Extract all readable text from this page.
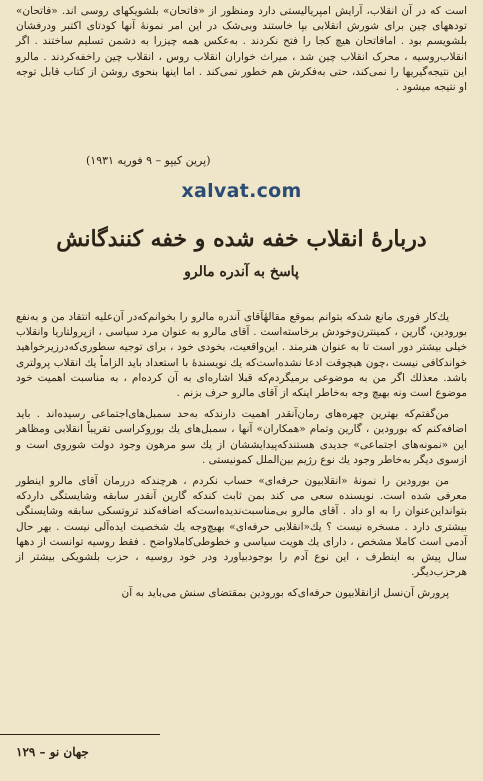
است که در آن انقلاب، آرایش امپریالیستی دارد ومنظور از «فاتحان» بلشویکهای روسی اند. «فاتحان» تودههای چین برای شورش انقلابی بپا خاستند وبی‌شک در این امر نمونهٔ آنها کودتای اکتبر ودرفشان بلشویسم بود . امافاتحان هیچ کجا را فتح نکردند . به‌عکس همه چیزرا به دشمن تسلیم ساختند . اگر انقلاب‌روسیه ، محرک انقلاب چین شد ، میراث خواران انقلاب روس ، انقلاب چین راخفه‌کردند . مالرو این نتیجه‌گیریها را نمی‌کند، حتی به‌فکرش هم خطور نمی‌کند . اما اینها بنحوی روشن از کتاب قابل توجه او نتیجه میشود .

(پرین کیپو – ۹ فوریه ۱۹۳۱)
xalvat.com
دربارهٔ انقلاب خفه شده و خفه کنندگانش
پاسخ به آندره مالرو

یك‌كار فوری مانع شدكه بتوانم بموقع مقالهٔآقای آندره مالرو را بخوانم‌که‌در آن‌علیه انتقاد من و به‌نفع بورودین، گارین ، کمینترن‌وخودش برخاسته‌است . آقای مالرو به عنوان مرد سیاسی ، ازپرولتاریا وانقلاب خیلی بیشتر دور است تا به عنوان هنرمند . این‌واقعیت، بخودی خود ، برای توجیه سطوری‌که‌درزیرخواهید خواندکافی نیست ،چون هیچوقت ادعا نشده‌است‌که یك نویسندهٔ با استعداد باید الزاماً یك انقلاب پرولتری باشد. معذلك اگر من به موضوعی برمیگردم‌که قبلا اشاره‌ای به آن کرده‌ام ، به مناسبت اهمیت خود موضوع است ونه بهیچ وجه به‌خاطر اینکه از آقای مالرو حرف بزنم .

من‌گفتم‌که بهترین چهره‌های رمان‌آنقدر اهمیت دارند‌که به‌حد سمبل‌های‌اجتماعی رسیده‌اند . باید اضافه‌کنم که بورودین ، گارین وتمام «همکاران» آنها ، سمبل‌های یك بوروکراسی تقریباً انقلابی ومظاهر این «نمونه‌های اجتماعی» جدیدی هستند‌که‌پیدایششان از یك سو مرهون وجود دولت شوروی است و ازسوی دیگر به‌خاطر وجود یك نوع رژیم بین‌الملل کمونیستی .

من بورودین را نمونهٔ «انقلابیون حرفه‌ای» حساب نکردم ، هرچندکه دررمان آقای مالرو اینطور معرفی شده است. نویسنده سعی می کند بمن ثابت کندکه گارین آنقدر سابقه وشایستگی داردکه بتوانداین‌عنوان را به او داد . آقای مالرو بی‌مناسبت‌ندیده‌است‌که اضافه‌کند تروتسکی سابقه وشایستگی بیشتری دارد . مسخره نیست ؟ یك«انقلابی حرفه‌ای» بهیچ‌وجه یك شخصیت ایده‌آلی نیست . بهر حال آدمی است کاملا مشخص ، دارای یك هویت سیاسی و خطوطی‌کاملاواضح . فقط روسیه توانست از دهها سال پیش به اینطرف ، این نوع آدم را بوجودبیاورد ودر خود روسیه ، حزب بلشویکی بیشتر از هرحزب‌دیگر.

پرورش آن‌نسل ازانقلابیون حرفه‌ای‌که بورودین بمقتضای سنش می‌باید به آن

جهان نو – ۱۲۹
